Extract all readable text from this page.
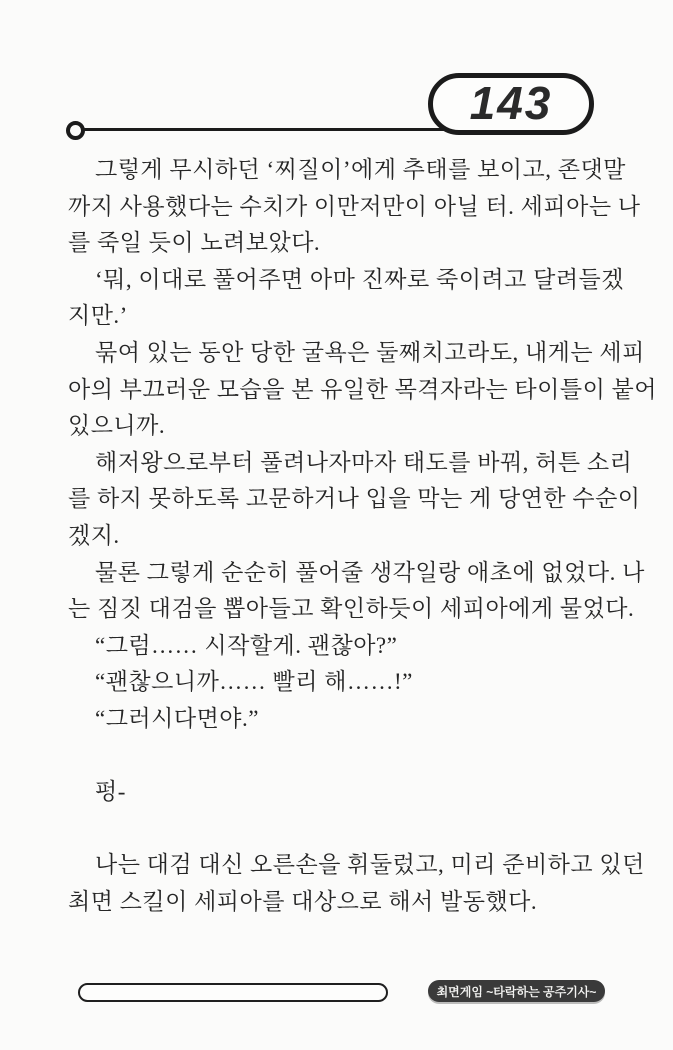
143
그렇게 무시하던 ‘찌질이’에게 추태를 보이고, 존댓말
까지 사용했다는 수치가 이만저만이 아닐 터. 세피아는 나
를 죽일 듯이 노려보았다.
‘뭐, 이대로 풀어주면 아마 진짜로 죽이려고 달려들겠
지만.’
묶여 있는 동안 당한 굴욕은 둘째치고라도, 내게는 세피
아의 부끄러운 모습을 본 유일한 목격자라는 타이틀이 붙어
있으니까.
해저왕으로부터 풀려나자마자 태도를 바꿔, 허튼 소리
를 하지 못하도록 고문하거나 입을 막는 게 당연한 수순이
겠지.
물론 그렇게 순순히 풀어줄 생각일랑 애초에 없었다. 나
는 짐짓 대검을 뽑아들고 확인하듯이 세피아에게 물었다.
“그럼…… 시작할게. 괜찮아?”
“괜찮으니까…… 빨리 해……!”
“그러시다면야.”
펑-
나는 대검 대신 오른손을 휘둘렀고, 미리 준비하고 있던
최면 스킬이 세피아를 대상으로 해서 발동했다.
최면게임 ~타락하는 공주기사~
